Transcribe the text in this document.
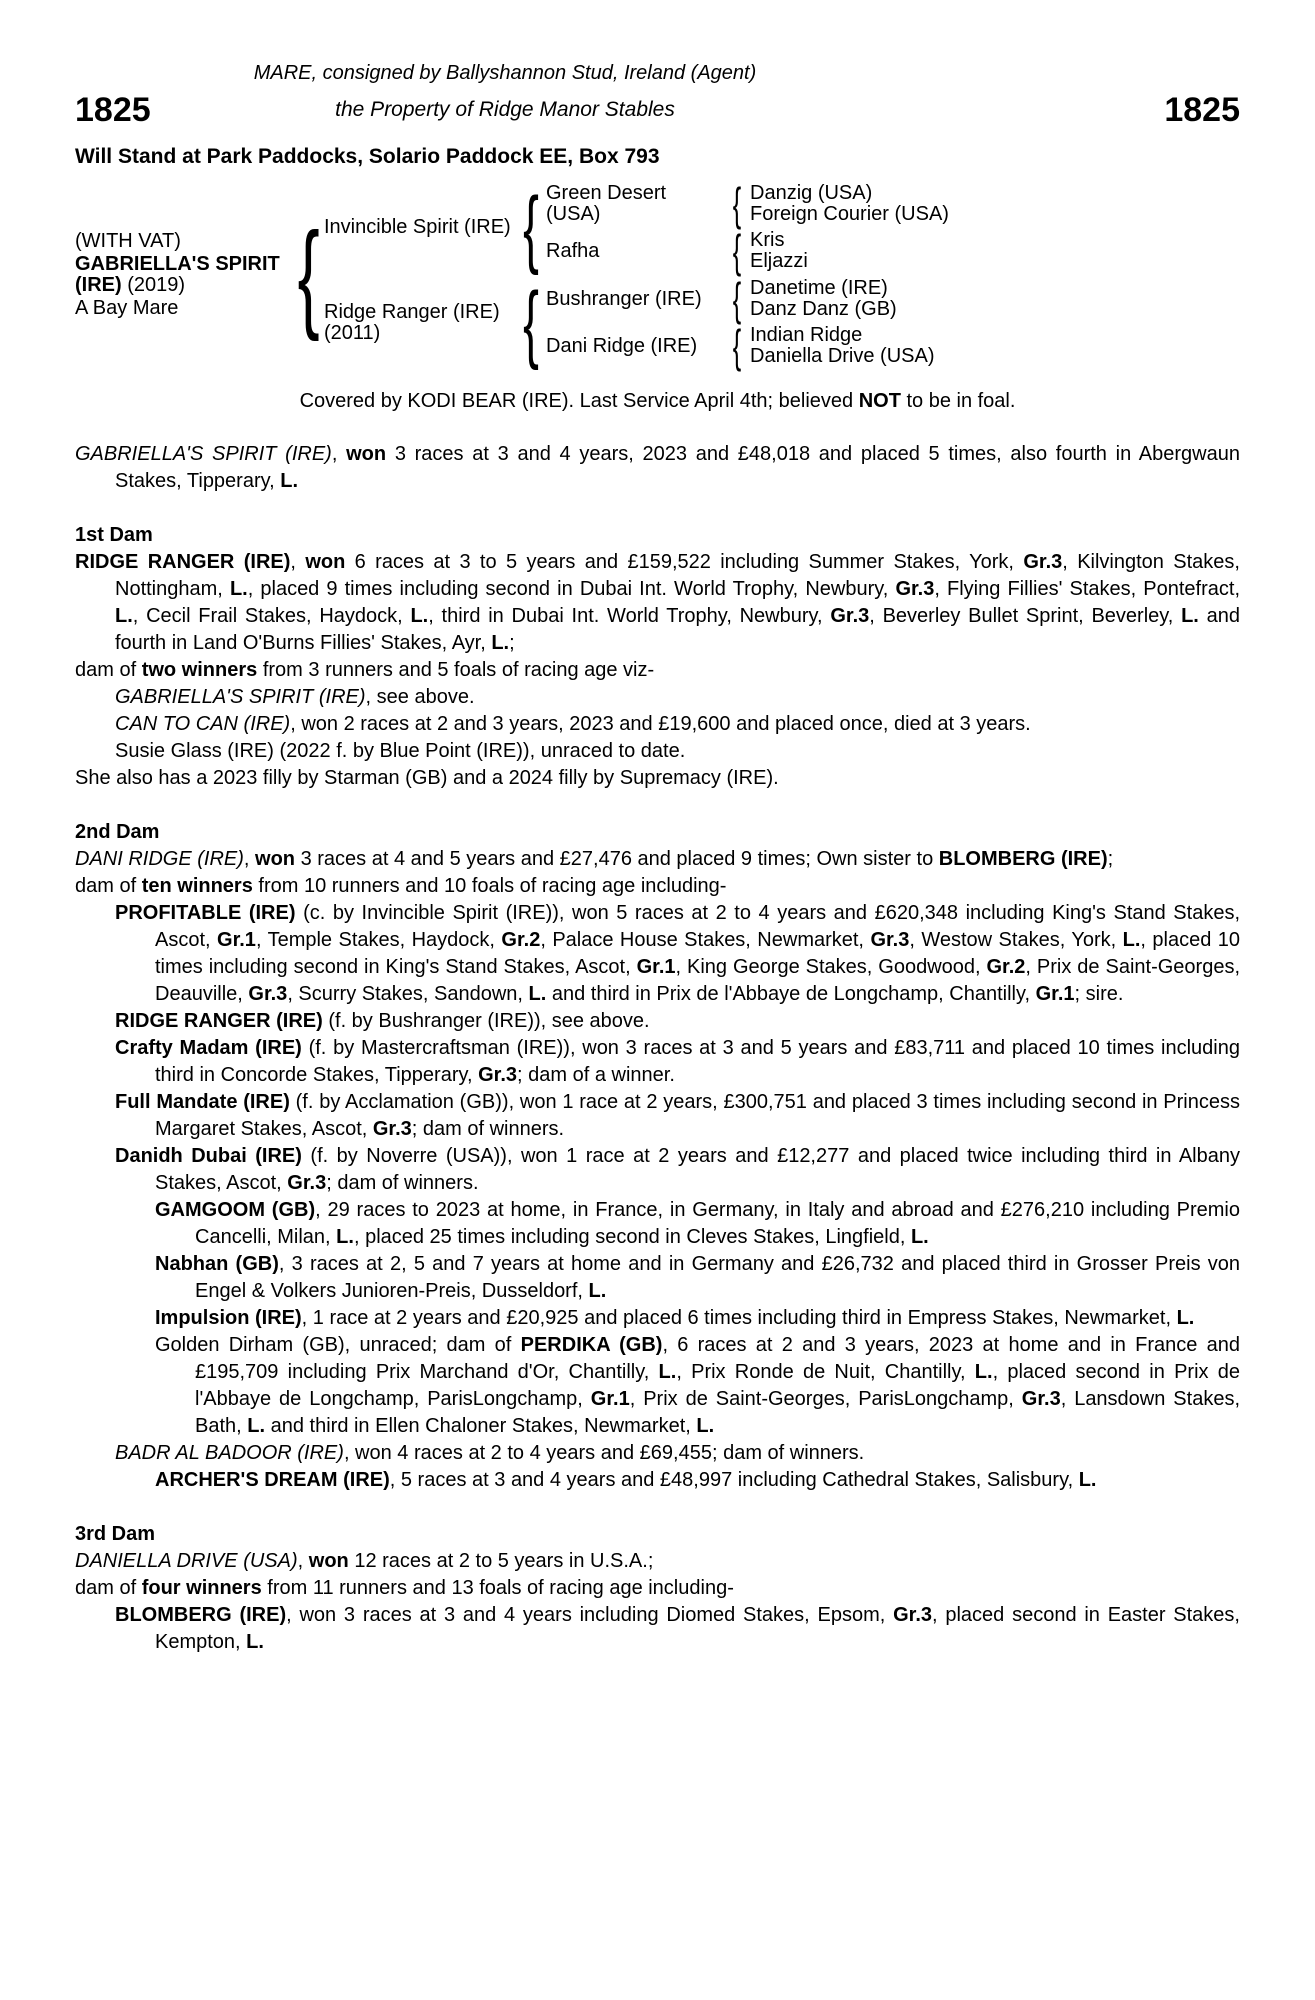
MARE, consigned by Ballyshannon Stud, Ireland (Agent)
1825	the Property of Ridge Manor Stables	1825
Will Stand at Park Paddocks, Solario Paddock EE, Box 793
(WITH VAT)
GABRIELLA'S SPIRIT (IRE) (2019)
A Bay Mare { Invincible Spirit (IRE) { Green Desert (USA)	{ Danzig (USA)
Foreign Courier (USA)
Rafha	{ Kris
Eljazzi
Ridge Ranger (IRE) (2011)	{ Bushranger (IRE) { Danetime (IRE)
Danz Danz (GB)
Dani Ridge (IRE) { Indian Ridge
Daniella Drive (USA)
Covered by KODI BEAR (IRE). Last Service April 4th; believed NOT to be in foal.
GABRIELLA'S SPIRIT (IRE), won 3 races at 3 and 4 years, 2023 and £48,018 and placed 5 times, also fourth in Abergwaun Stakes, Tipperary, L.
1st Dam
RIDGE RANGER (IRE), won 6 races at 3 to 5 years and £159,522 including Summer Stakes, York, Gr.3, Kilvington Stakes, Nottingham, L., placed 9 times including second in Dubai Int. World Trophy, Newbury, Gr.3, Flying Fillies' Stakes, Pontefract, L., Cecil Frail Stakes, Haydock, L., third in Dubai Int. World Trophy, Newbury, Gr.3, Beverley Bullet Sprint, Beverley, L. and fourth in Land O'Burns Fillies' Stakes, Ayr, L.;
dam of two winners from 3 runners and 5 foals of racing age viz-
GABRIELLA'S SPIRIT (IRE), see above.
CAN TO CAN (IRE), won 2 races at 2 and 3 years, 2023 and £19,600 and placed once, died at 3 years.
Susie Glass (IRE) (2022 f. by Blue Point (IRE)), unraced to date.
She also has a 2023 filly by Starman (GB) and a 2024 filly by Supremacy (IRE).
2nd Dam
DANI RIDGE (IRE), won 3 races at 4 and 5 years and £27,476 and placed 9 times; Own sister to BLOMBERG (IRE);
dam of ten winners from 10 runners and 10 foals of racing age including-
PROFITABLE (IRE) (c. by Invincible Spirit (IRE)), won 5 races at 2 to 4 years and £620,348 including King's Stand Stakes, Ascot, Gr.1, Temple Stakes, Haydock, Gr.2, Palace House Stakes, Newmarket, Gr.3, Westow Stakes, York, L., placed 10 times including second in King's Stand Stakes, Ascot, Gr.1, King George Stakes, Goodwood, Gr.2, Prix de Saint-Georges, Deauville, Gr.3, Scurry Stakes, Sandown, L. and third in Prix de l'Abbaye de Longchamp, Chantilly, Gr.1; sire.
RIDGE RANGER (IRE) (f. by Bushranger (IRE)), see above.
Crafty Madam (IRE) (f. by Mastercraftsman (IRE)), won 3 races at 3 and 5 years and £83,711 and placed 10 times including third in Concorde Stakes, Tipperary, Gr.3; dam of a winner.
Full Mandate (IRE) (f. by Acclamation (GB)), won 1 race at 2 years, £300,751 and placed 3 times including second in Princess Margaret Stakes, Ascot, Gr.3; dam of winners.
Danidh Dubai (IRE) (f. by Noverre (USA)), won 1 race at 2 years and £12,277 and placed twice including third in Albany Stakes, Ascot, Gr.3; dam of winners.
GAMGOOM (GB), 29 races to 2023 at home, in France, in Germany, in Italy and abroad and £276,210 including Premio Cancelli, Milan, L., placed 25 times including second in Cleves Stakes, Lingfield, L.
Nabhan (GB), 3 races at 2, 5 and 7 years at home and in Germany and £26,732 and placed third in Grosser Preis von Engel & Volkers Junioren-Preis, Dusseldorf, L.
Impulsion (IRE), 1 race at 2 years and £20,925 and placed 6 times including third in Empress Stakes, Newmarket, L.
Golden Dirham (GB), unraced; dam of PERDIKA (GB), 6 races at 2 and 3 years, 2023 at home and in France and £195,709 including Prix Marchand d'Or, Chantilly, L., Prix Ronde de Nuit, Chantilly, L., placed second in Prix de l'Abbaye de Longchamp, ParisLongchamp, Gr.1, Prix de Saint-Georges, ParisLongchamp, Gr.3, Lansdown Stakes, Bath, L. and third in Ellen Chaloner Stakes, Newmarket, L.
BADR AL BADOOR (IRE), won 4 races at 2 to 4 years and £69,455; dam of winners.
ARCHER'S DREAM (IRE), 5 races at 3 and 4 years and £48,997 including Cathedral Stakes, Salisbury, L.
3rd Dam
DANIELLA DRIVE (USA), won 12 races at 2 to 5 years in U.S.A.;
dam of four winners from 11 runners and 13 foals of racing age including-
BLOMBERG (IRE), won 3 races at 3 and 4 years including Diomed Stakes, Epsom, Gr.3, placed second in Easter Stakes, Kempton, L.
